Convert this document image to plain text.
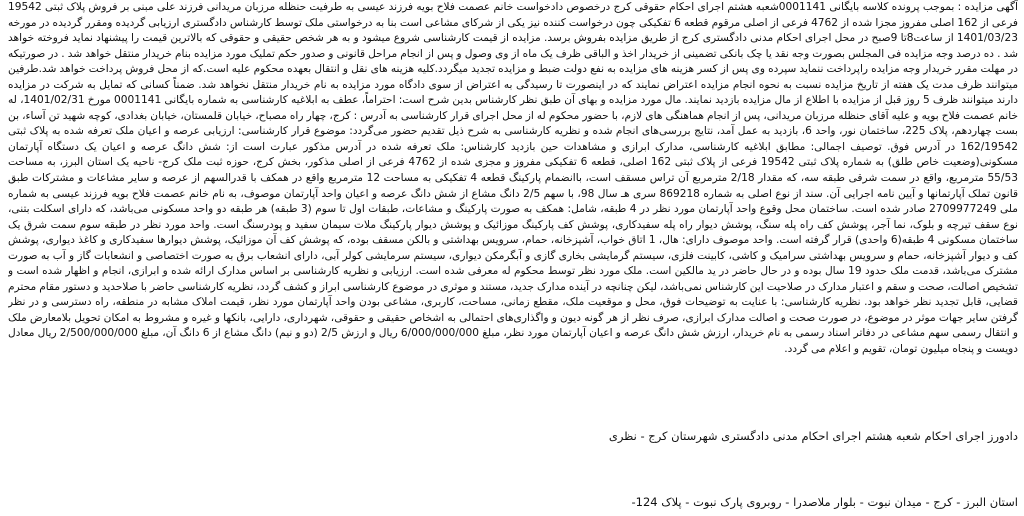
آگهی مزایده : بموجب پرونده کلاسه بایگانی 0001141شعبه هشتم اجرای احکام حقوقی کرج درخصوص دادخواست خانم عصمت فلاح بویه فرزند عیسی به طرفیت حنظله مرزبان مریدانی فرزند علی مبنی بر فروش پلاک ثبتی 19542 فرعی از 162 اصلی مفروز مجزا شده از 4762 فرعی از اصلی مرقوم قطعه 6 تفکیکی چون درخواست کننده نیز یکی از شرکای مشاعی است بنا به درخواستی ملک توسط کارشناس دادگستری ارزیابی گردیده ومقرر گردیده در مورخه 1401/03/23 از ساعت8تا 9صبح در محل اجرای احکام مدنی دادگستری کرج از طریق مزایده بفروش برسد. مزایده از قیمت کارشناسی شروع میشود و به هر شخص حقیقی و حقوقی که بالاترین قیمت را پیشنهاد نماید فروخته خواهد شد . ده درصد وجه مزایده فی المجلس بصورت وجه نقد یا چک بانکی تضمینی از خریدار اخذ و الباقی ظرف یک ماه از وی وصول و پس از انجام مراحل قانونی و صدور حکم تملیک مورد مزایده بنام خریدار منتقل خواهد شد . در صورتیکه در مهلت مقرر خریدار وجه مزایده راپرداخت ننماید سپرده وی پس از کسر هزینه های مزایده به نفع دولت ضبط و مزایده تجدید میگردد.کلیه هزینه های نقل و انتقال بعهده محکوم علیه است.که از محل فروش پرداخت خواهد شد.طرفین میتوانند ظرف مدت یک هفته از تاریخ مزایده نسبت به نحوه انجام مزایده اعتراض نمایند که در اینصورت تا رسیدگی به اعتراض از سوی دادگاه مورد مزایده به نام خریدار منتقل نخواهد شد. ضمناً کسانی که تمایل به شرکت در مزایده دارند میتوانند ظرف 5 روز قبل از مزایده با اطلاع از مال مزایده بازدید نمایند. مال مورد مزایده و بهای آن طبق نظر کارشناس بدین شرح است: احتراماً، عطف به ابلاغیه کارشناسی به شماره بایگانی 0001141 مورخ 1401/02/31، له خانم عصمت فلاح بویه و علیه آقای حنظله مرزبان مریدانی، پس از انجام هماهنگی های لازم، با حضور محکوم له از محل اجرای قرار کارشناسی به آدرس : کرج، چهار راه مصباح، خیابان قلمستان، خیابان بغدادی، کوچه شهید تن آساء، بن بست چهاردهم، پلاک 225، ساختمان نور، واحد 6، بازدید به عمل آمد، نتایج بررسی‌های انجام شده و نظریه کارشناسی به شرح ذیل تقدیم حضور می‌گردد: موضوع قرار کارشناسی: ارزیابی عرصه و اعیان ملک تعرفه شده به پلاک ثبتی 162/19542 در آدرس فوق. توصیف اجمالی: مطابق ابلاغیه کارشناسی، مدارک ابرازی و مشاهدات حین بازدید کارشناس: ملک تعرفه شده در آدرس مذکور عبارت است از: شش دانگ عرصه و اعیان یک دستگاه آپارتمان مسکونی(وضعیت خاص طلق) به شماره پلاک ثبتی 19542 فرعی از پلاک ثبتی 162 اصلی، قطعه 6 تفکیکی مفروز و مجزی شده از 4762 فرعی از اصلی مذکور، بخش کرج، حوزه ثبت ملک کرج- ناحیه یک استان البرز، به مساحت 55/53 مترمربع، واقع در سمت شرقی طبقه سه، که مقدار 2/18 مترمربع آن تراس مسقف است، باانضمام پارکینگ قطعه 4 تفکیکی به مساحت 12 مترمربع واقع در همکف با قدرالسهم از عرصه و سایر مشاعات و مشترکات طبق قانون تملک آپارتمانها و آیین نامه اجرایی آن. سند از نوع اصلی به شماره 869218 سری هـ سال 98، با سهم 2/5 دانگ مشاع از شش دانگ عرصه و اعیان واحد آپارتمان موصوف، به نام خانم عصمت فلاح بویه فرزند عیسی به شماره ملی 2709977249 صادر شده است. ساختمان محل وقوع واحد آپارتمان مورد نظر در 4 طبقه، شامل: همکف به صورت پارکینگ و مشاعات، طبقات اول تا سوم (3 طبقه) هر طبقه دو واحد مسکونی می‌باشد، که دارای اسکلت بتنی، نوع سقف تیرچه و بلوک، نما آجر، پوشش کف راه پله سنگ، پوشش دیوار راه پله سفیدکاری، پوشش کف پارکینگ موزائیک و پوشش دیوار پارکینگ ملات سیمان سفید و پودرسنگ است. واحد مورد نظر در طبقه سوم سمت شرق یک ساختمان مسکونی 4 طبقه(6 واحدی) قرار گرفته است. واحد موصوف دارای: هال، 1 اتاق خواب، آشپزخانه، حمام، سرویس بهداشتی و بالکن مسقف بوده، که پوشش کف آن موزائیک، پوشش دیوارها سفیدکاری و کاغذ دیواری، پوشش کف و دیوار آشپزخانه، حمام و سرویس بهداشتی سرامیک و کاشی، کابینت فلزی، سیستم گرمایشی بخاری گازی و آبگرمکن دیواری، سیستم سرمایشی کولر آبی، دارای انشعاب برق به صورت اختصاصی و انشعابات گاز و آب به صورت مشترک می‌باشد، قدمت ملک حدود 19 سال بوده و در حال حاضر در ید مالکین است. ملک مورد نظر توسط محکوم له معرفی شده است. ارزیابی و نظریه کارشناسی بر اساس مدارک ارائه شده و ابرازی، انجام و اظهار شده است و تشخیص اصالت، صحت و سقم و اعتبار مدارک در صلاحیت این کارشناس نمی‌باشد، لیکن چنانچه در آینده مدارک جدید، مستند و موثری در موضوع کارشناسی ابراز و کشف گردد، نظریه کارشناسی حاضر با صلاحدید و دستور مقام محترم قضایی، قابل تجدید نظر خواهد بود. نظریه کارشناسی: با عنایت به توضیحات فوق، محل و موقعیت ملک، مقطع زمانی، مساحت، کاربری، مشاعی بودن واحد آپارتمان مورد نظر، قیمت املاک مشابه در منطقه، راه دسترسی و در نظر گرفتن سایر جهات موثر در موضوع، در صورت صحت و اصالت مدارک ابرازی، صرف نظر از هر گونه دیون و واگذاری‌های احتمالی به اشخاص حقیقی و حقوقی، شهرداری، دارایی، بانکها و غیره و مشروط به امکان تحویل بلامعارض ملک و انتقال رسمی سهم مشاعی در دفاتر اسناد رسمی به نام خریدار، ارزش شش دانگ عرصه و اعیان آپارتمان مورد نظر، مبلغ 6/000/000/000 ریال و ارزش 2/5 (دو و نیم) دانگ مشاع از 6 دانگ آن، مبلغ 2/500/000/000 ریال معادل دویست و پنجاه میلیون تومان، تقویم و اعلام می گردد.

دادورز اجرای احکام شعبه هشتم اجرای احکام مدنی دادگستری شهرستان کرج - نظری

استان البرز - کرج - میدان نبوت - بلوار ملاصدرا - روبروی پارک نبوت - پلاک 124-
